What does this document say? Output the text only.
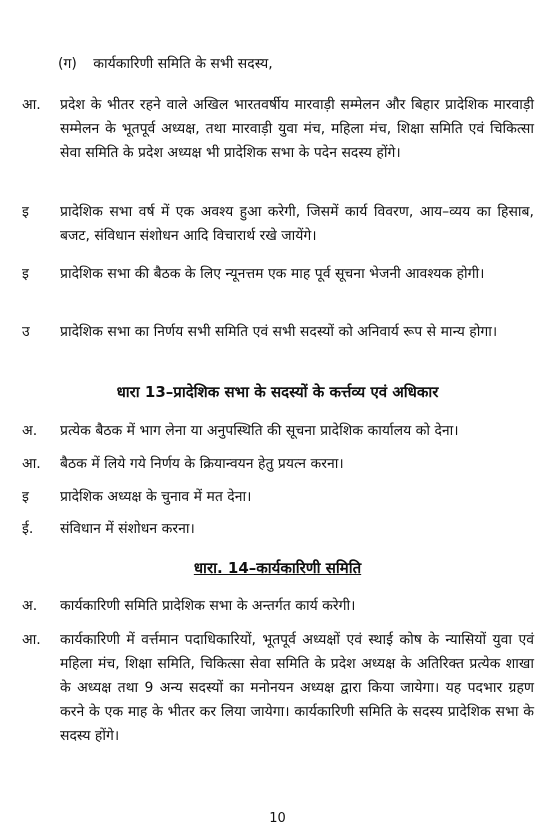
(ग) कार्यकारिणी समिति के सभी सदस्य,
आ.	प्रदेश के भीतर रहने वाले अखिल भारतवर्षीय मारवाड़ी सम्मेलन और बिहार प्रादेशिक मारवाड़ी सम्मेलन के भूतपूर्व अध्यक्ष, तथा मारवाड़ी युवा मंच, महिला मंच, शिक्षा समिति एवं चिकित्सा सेवा समिति के प्रदेश अध्यक्ष भी प्रादेशिक सभा के पदेन सदस्य होंगे।
इ	प्रादेशिक सभा वर्ष में एक अवश्य हुआ करेगी, जिसमें कार्य विवरण, आय–व्यय का हिसाब, बजट, संविधान संशोधन आदि विचारार्थ रखे जायेंगे।
इ	प्रादेशिक सभा की बैठक के लिए न्यूनत्तम एक माह पूर्व सूचना भेजनी आवश्यक होगी।
उ	प्रादेशिक सभा का निर्णय सभी समिति एवं सभी सदस्यों को अनिवार्य रूप से मान्य होगा।
धारा 13–प्रादेशिक सभा के सदस्यों के कर्त्तव्य एवं अधिकार
अ.	प्रत्येक बैठक में भाग लेना या अनुपस्थिति की सूचना प्रादेशिक कार्यालय को देना।
आ.	बैठक में लिये गये निर्णय के क्रियान्वयन हेतु प्रयत्न करना।
इ	प्रादेशिक अध्यक्ष के चुनाव में मत देना।
ई.	संविधान में संशोधन करना।
धारा. 14–कार्यकारिणी समिति
अ.	कार्यकारिणी समिति प्रादेशिक सभा के अन्तर्गत कार्य करेगी।
आ.	कार्यकारिणी में वर्त्तमान पदाधिकारियों, भूतपूर्व अध्यक्षों एवं स्थाई कोष के न्यासियों युवा एवं महिला मंच, शिक्षा समिति, चिकित्सा सेवा समिति के प्रदेश अध्यक्ष के अतिरिक्त प्रत्येक शाखा के अध्यक्ष तथा 9 अन्य सदस्यों का मनोनयन अध्यक्ष द्वारा किया जायेगा। यह पदभार ग्रहण करने के एक माह के भीतर कर लिया जायेगा। कार्यकारिणी समिति के सदस्य प्रादेशिक सभा के सदस्य होंगे।
10
